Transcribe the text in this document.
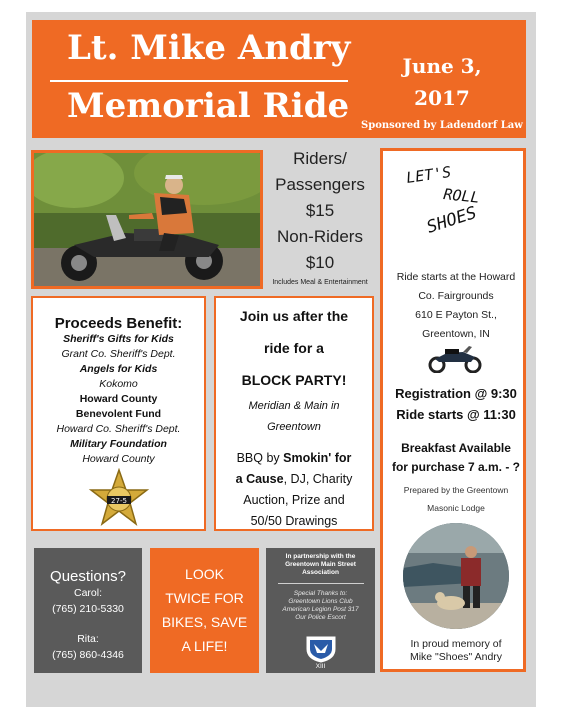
Lt. Mike Andry
Memorial Ride
June 3,
2017
Sponsored by Ladendorf Law
Riders/
Passengers
$15
Non-Riders
$10
Includes Meal & Entertainment
LET'S
ROLL
SHOES
Ride starts at the Howard
Co. Fairgrounds
610 E Payton St.,
Greentown, IN
Registration @ 9:30
Ride starts @ 11:30
Breakfast Available
for purchase 7 a.m. - ?
Prepared by the Greentown
Masonic Lodge
In proud memory of
Mike "Shoes" Andry
Proceeds Benefit:
Sheriff's Gifts for Kids
Grant Co. Sheriff's Dept.
Angels for Kids
Kokomo
Howard County
Benevolent Fund
Howard Co. Sheriff's Dept.
Military Foundation
Howard County
27-5
Join us after the
ride for a
BLOCK PARTY!
Meridian & Main in
Greentown
BBQ by Smokin' for
a Cause, DJ, Charity
Auction, Prize and
50/50 Drawings
Questions?
Carol:
(765) 210-5330
Rita:
(765) 860-4346
LOOK
TWICE FOR
BIKES, SAVE
A LIFE!
In partnership with the
Greentown Main Street
Association
Special Thanks to:
Greentown Lions Club
American Legion Post 317
Our Police Escort
XIII
